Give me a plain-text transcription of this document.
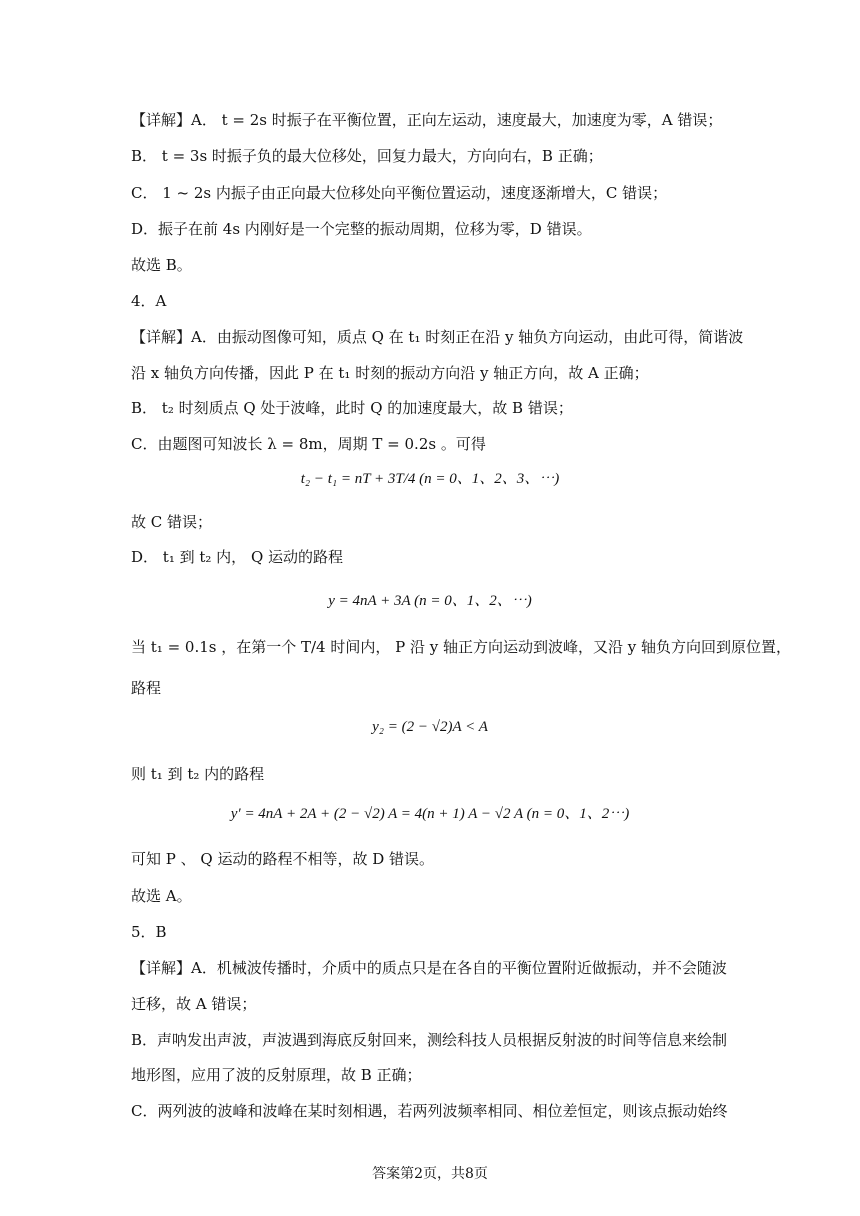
【详解】A． t = 2s 时振子在平衡位置，正向左运动，速度最大，加速度为零，A 错误；
B． t = 3s 时振子负的最大位移处，回复力最大，方向向右，B 正确；
C． 1 ~ 2s 内振子由正向最大位移处向平衡位置运动，速度逐渐增大，C 错误；
D．振子在前 4s 内刚好是一个完整的振动周期，位移为零，D 错误。
故选 B。
4．A
【详解】A．由振动图像可知，质点 Q 在 t₁ 时刻正在沿 y 轴负方向运动，由此可得，简谐波
沿 x 轴负方向传播，因此 P 在 t₁ 时刻的振动方向沿 y 轴正方向，故 A 正确；
B． t₂ 时刻质点 Q 处于波峰，此时 Q 的加速度最大，故 B 错误；
C．由题图可知波长 λ = 8m，周期 T = 0.2s 。可得
t₂ − t₁ = nT + 3T/4 (n = 0、1、2、3、⋯)
故 C 错误；
D． t₁ 到 t₂ 内， Q 运动的路程
y = 4nA + 3A (n = 0、1、2、⋯)
当 t₁ = 0.1s ，在第一个 T/4 时间内， P 沿 y 轴正方向运动到波峰，又沿 y 轴负方向回到原位置，
路程
y₂ = (2 − √2)A < A
则 t₁ 到 t₂ 内的路程
y′ = 4nA + 2A + (2 − √2) A = 4(n + 1) A − √2 A (n = 0、1、2⋯)
可知 P 、 Q 运动的路程不相等，故 D 错误。
故选 A。
5．B
【详解】A．机械波传播时，介质中的质点只是在各自的平衡位置附近做振动，并不会随波
迁移，故 A 错误；
B．声呐发出声波，声波遇到海底反射回来，测绘科技人员根据反射波的时间等信息来绘制
地形图，应用了波的反射原理，故 B 正确；
C．两列波的波峰和波峰在某时刻相遇，若两列波频率相同、相位差恒定，则该点振动始终
答案第2页，共8页
